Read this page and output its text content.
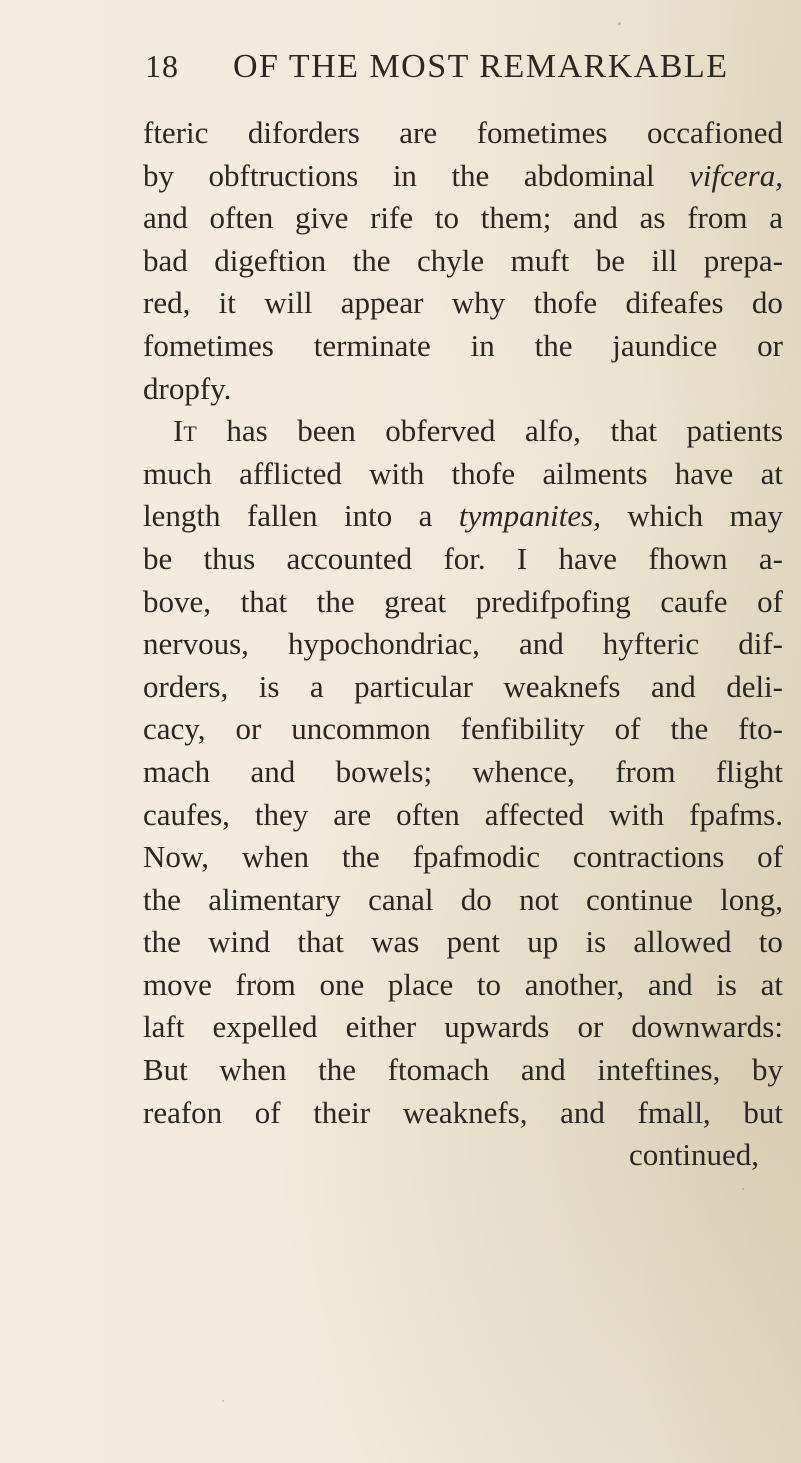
18 OF THE MOST REMARKABLE
fteric diforders are fometimes occafioned
by obftructions in the abdominal vifcera,
and often give rife to them; and as from a
bad digeftion the chyle muft be ill prepa-
red, it will appear why thofe difeafes do
fometimes terminate in the jaundice or
dropfy.
It has been obferved alfo, that patients
much afflicted with thofe ailments have at
length fallen into a tympanites, which may
be thus accounted for. I have fhown a-
bove, that the great predifpofing caufe of
nervous, hypochondriac, and hyfteric dif-
orders, is a particular weaknefs and deli-
cacy, or uncommon fenfibility of the fto-
mach and bowels; whence, from flight
caufes, they are often affected with fpafms.
Now, when the fpafmodic contractions of
the alimentary canal do not continue long,
the wind that was pent up is allowed to
move from one place to another, and is at
laft expelled either upwards or downwards:
But when the ftomach and inteftines, by
reafon of their weaknefs, and fmall, but
continued,
